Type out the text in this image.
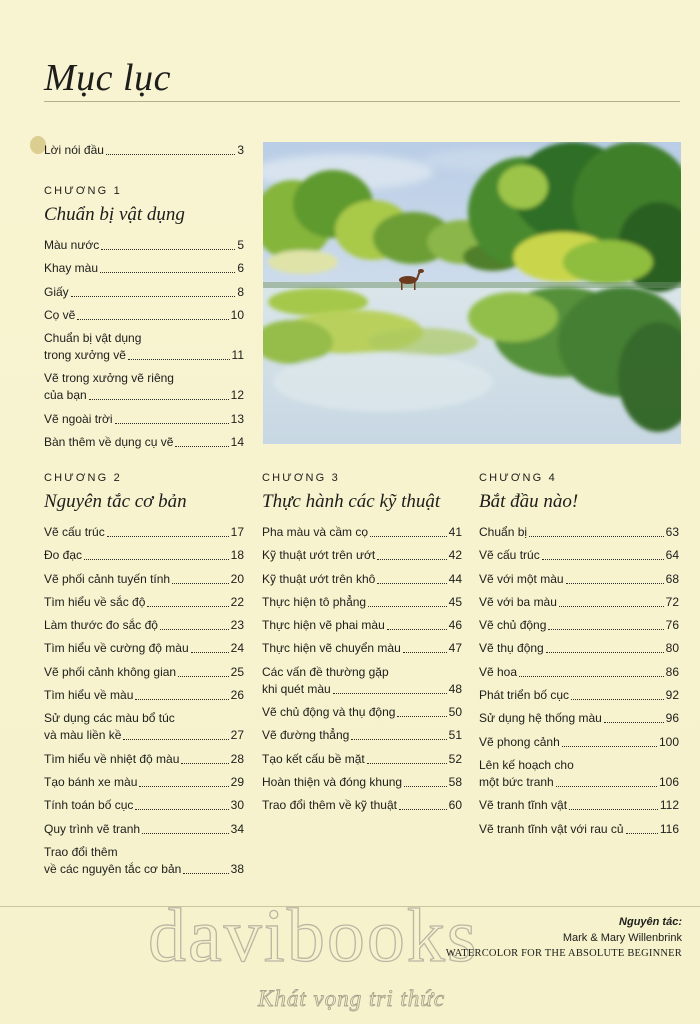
Mục lục
Lời nói đầu	3
CHƯƠNG 1
Chuẩn bị vật dụng
Màu nước	5
Khay màu	6
Giấy	8
Cọ vẽ	10
Chuẩn bị vật dụng
trong xưởng vẽ	11
Vẽ trong xưởng vẽ riêng
của bạn	12
Vẽ ngoài trời	13
Bàn thêm về dụng cụ vẽ	14
CHƯƠNG 2
Nguyên tắc cơ bản
Vẽ cấu trúc	17
Đo đạc	18
Vẽ phối cảnh tuyến tính	20
Tìm hiểu về sắc độ	22
Làm thước đo sắc độ	23
Tìm hiểu về cường độ màu	24
Vẽ phối cảnh không gian	25
Tìm hiểu về màu	26
Sử dụng các màu bổ túc
và màu liền kề	27
Tìm hiểu về nhiệt độ màu	28
Tạo bánh xe màu	29
Tính toán bố cục	30
Quy trình vẽ tranh	34
Trao đổi thêm
về các nguyên tắc cơ bản	38
CHƯƠNG 3
Thực hành các kỹ thuật
Pha màu và cầm cọ	41
Kỹ thuật ướt trên ướt	42
Kỹ thuật ướt trên khô	44
Thực hiện tô phẳng	45
Thực hiện vẽ phai màu	46
Thực hiện vẽ chuyển màu	47
Các vấn đề thường gặp
khi quét màu	48
Vẽ chủ động và thụ động	50
Vẽ đường thẳng	51
Tạo kết cấu bề mặt	52
Hoàn thiện và đóng khung	58
Trao đổi thêm về kỹ thuật	60
CHƯƠNG 4
Bắt đầu nào!
Chuẩn bị	63
Vẽ cấu trúc	64
Vẽ với một màu	68
Vẽ với ba màu	72
Vẽ chủ động	76
Vẽ thụ động	80
Vẽ hoa	86
Phát triển bố cục	92
Sử dụng hệ thống màu	96
Vẽ phong cảnh	100
Lên kế hoạch cho
một bức tranh	106
Vẽ tranh tĩnh vật	112
Vẽ tranh tĩnh vật với rau củ	116
davibooks
Khát vọng tri thức
Nguyên tác:
Mark & Mary Willenbrink
WATERCOLOR FOR THE ABSOLUTE BEGINNER
